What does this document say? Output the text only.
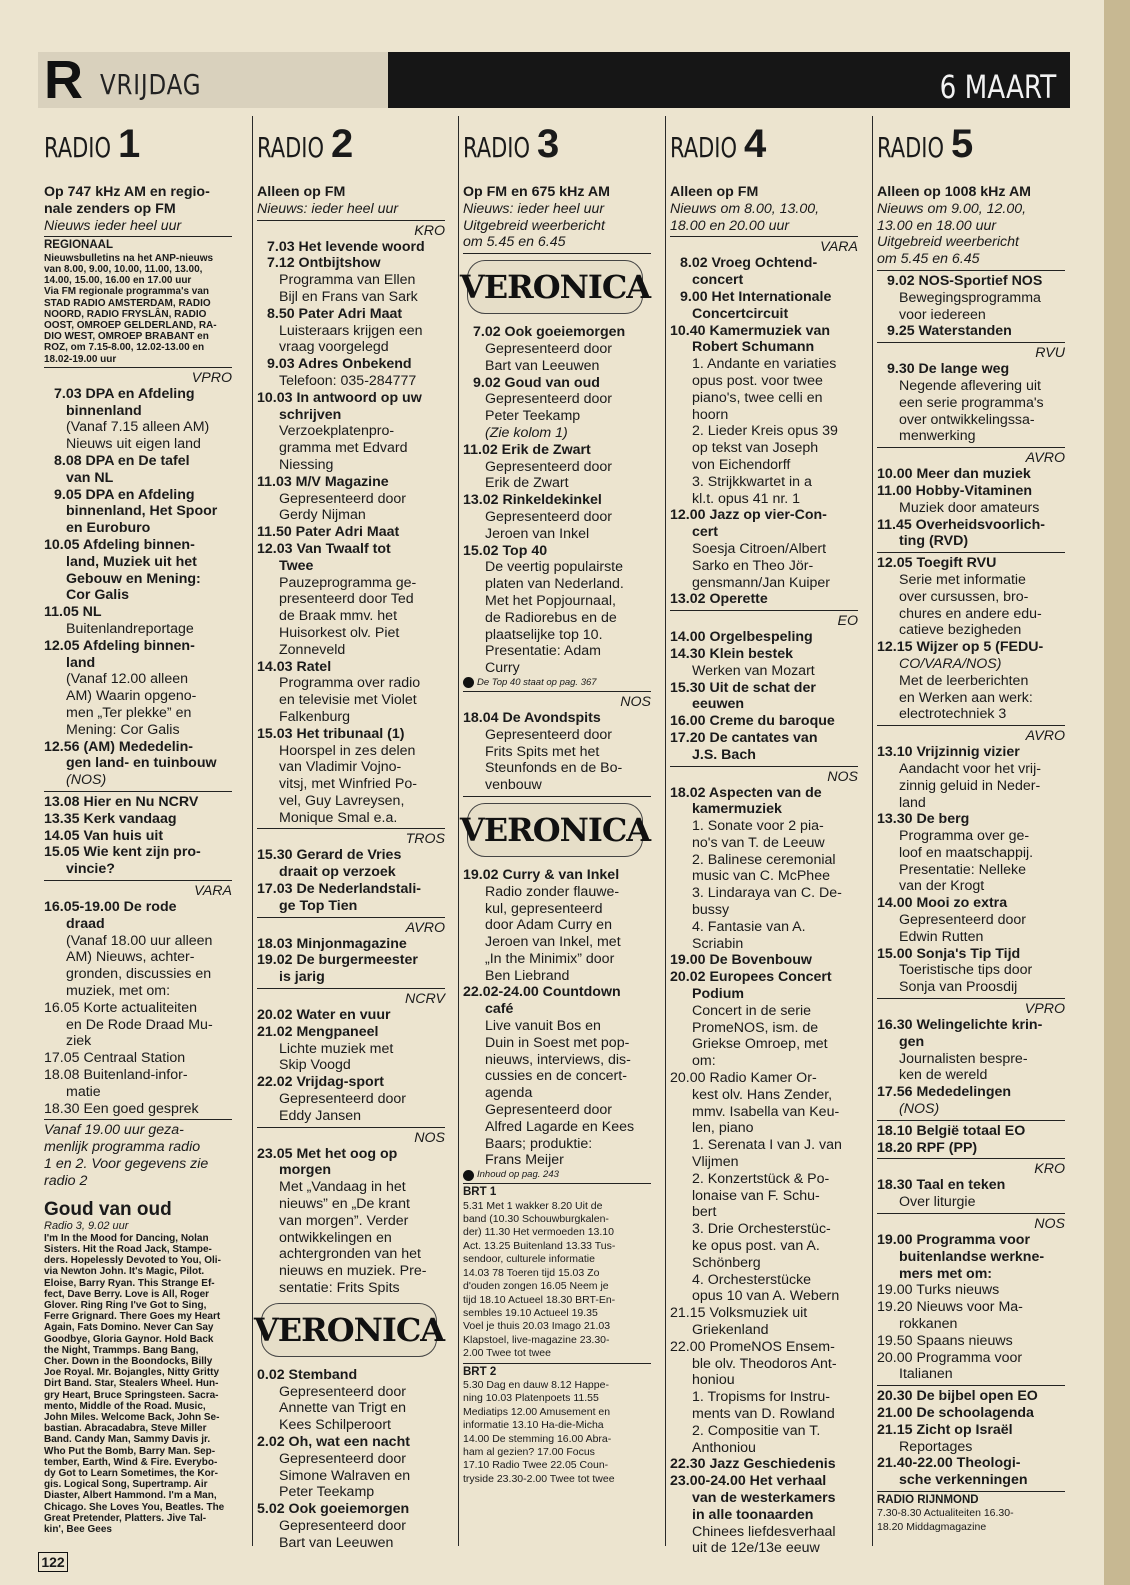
R VRIJDAG	6 MAART
RADIO 1
Op 747 kHz AM en regio-
nale zenders op FM
Nieuws ieder heel uur
REGIONAAL
Nieuwsbulletins na het ANP-nieuws
van 8.00, 9.00, 10.00, 11.00, 13.00,
14.00, 15.00, 16.00 en 17.00 uur
Via FM regionale programma's van
STAD RADIO AMSTERDAM, RADIO
NOORD, RADIO FRYSLÂN, RADIO
OOST, OMROEP GELDERLAND, RA-
DIO WEST, OMROEP BRABANT en
ROZ, om 7.15-8.00, 12.02-13.00 en
18.02-19.00 uur
VPRO
7.03 DPA en Afdeling
binnenland
(Vanaf 7.15 alleen AM)
Nieuws uit eigen land
8.08 DPA en De tafel
van NL
9.05 DPA en Afdeling
binnenland, Het Spoor
en Euroburo
10.05 Afdeling binnen-
land, Muziek uit het
Gebouw en Mening:
Cor Galis
11.05 NL
Buitenlandreportage
12.05 Afdeling binnen-
land
(Vanaf 12.00 alleen
AM) Waarin opgeno-
men „Ter plekke” en
Mening: Cor Galis
12.56 (AM) Mededelin-
gen land- en tuinbouw
(NOS)
13.08 Hier en Nu NCRV
13.35 Kerk vandaag
14.05 Van huis uit
15.05 Wie kent zijn pro-
vincie?
VARA
16.05-19.00 De rode
draad
(Vanaf 18.00 uur alleen
AM) Nieuws, achter-
gronden, discussies en
muziek, met om:
16.05 Korte actualiteiten
en De Rode Draad Mu-
ziek
17.05 Centraal Station
18.08 Buitenland-infor-
matie
18.30 Een goed gesprek
Vanaf 19.00 uur geza-
menlijk programma radio
1 en 2. Voor gegevens zie
radio 2
Goud van oud
Radio 3, 9.02 uur
I'm In the Mood for Dancing, Nolan
Sisters. Hit the Road Jack, Stampe-
ders. Hopelessly Devoted to You, Oli-
via Newton John. It's Magic, Pilot.
Eloise, Barry Ryan. This Strange Ef-
fect, Dave Berry. Love is All, Roger
Glover. Ring Ring I've Got to Sing,
Ferre Grignard. There Goes my Heart
Again, Fats Domino. Never Can Say
Goodbye, Gloria Gaynor. Hold Back
the Night, Trammps. Bang Bang,
Cher. Down in the Boondocks, Billy
Joe Royal. Mr. Bojangles, Nitty Gritty
Dirt Band. Star, Stealers Wheel. Hun-
gry Heart, Bruce Springsteen. Sacra-
mento, Middle of the Road. Music,
John Miles. Welcome Back, John Se-
bastian. Abracadabra, Steve Miller
Band. Candy Man, Sammy Davis jr.
Who Put the Bomb, Barry Man. Sep-
tember, Earth, Wind & Fire. Everybo-
dy Got to Learn Sometimes, the Kor-
gis. Logical Song, Supertramp. Air
Diaster, Albert Hammond. I'm a Man,
Chicago. She Loves You, Beatles. The
Great Pretender, Platters. Jive Tal-
kin', Bee Gees
RADIO 2
Alleen op FM
Nieuws: ieder heel uur
KRO
7.03 Het levende woord
7.12 Ontbijtshow
Programma van Ellen
Bijl en Frans van Sark
8.50 Pater Adri Maat
Luisteraars krijgen een
vraag voorgelegd
9.03 Adres Onbekend
Telefoon: 035-284777
10.03 In antwoord op uw
schrijven
Verzoekplatenpro-
gramma met Edvard
Niessing
11.03 M/V Magazine
Gepresenteerd door
Gerdy Nijman
11.50 Pater Adri Maat
12.03 Van Twaalf tot
Twee
Pauzeprogramma ge-
presenteerd door Ted
de Braak mmv. het
Huisorkest olv. Piet
Zonneveld
14.03 Ratel
Programma over radio
en televisie met Violet
Falkenburg
15.03 Het tribunaal (1)
Hoorspel in zes delen
van Vladimir Vojno-
vitsj, met Winfried Po-
vel, Guy Lavreysen,
Monique Smal e.a.
TROS
15.30 Gerard de Vries
draait op verzoek
17.03 De Nederlandstali-
ge Top Tien
AVRO
18.03 Minjonmagazine
19.02 De burgermeester
is jarig
NCRV
20.02 Water en vuur
21.02 Mengpaneel
Lichte muziek met
Skip Voogd
22.02 Vrijdag-sport
Gepresenteerd door
Eddy Jansen
NOS
23.05 Met het oog op
morgen
Met „Vandaag in het
nieuws” en „De krant
van morgen”. Verder
ontwikkelingen en
achtergronden van het
nieuws en muziek. Pre-
sentatie: Frits Spits
VERONICA
0.02 Stemband
Gepresenteerd door
Annette van Trigt en
Kees Schilperoort
2.02 Oh, wat een nacht
Gepresenteerd door
Simone Walraven en
Peter Teekamp
5.02 Ook goeiemorgen
Gepresenteerd door
Bart van Leeuwen
RADIO 3
Op FM en 675 kHz AM
Nieuws: ieder heel uur
Uitgebreid weerbericht
om 5.45 en 6.45
VERONICA
7.02 Ook goeiemorgen
Gepresenteerd door
Bart van Leeuwen
9.02 Goud van oud
Gepresenteerd door
Peter Teekamp
(Zie kolom 1)
11.02 Erik de Zwart
Gepresenteerd door
Erik de Zwart
13.02 Rinkeldekinkel
Gepresenteerd door
Jeroen van Inkel
15.02 Top 40
De veertig populairste
platen van Nederland.
Met het Popjournaal,
de Radiorebus en de
plaatselijke top 10.
Presentatie: Adam
Curry
De Top 40 staat op pag. 367
NOS
18.04 De Avondspits
Gepresenteerd door
Frits Spits met het
Steunfonds en de Bo-
venbouw
VERONICA
19.02 Curry & van Inkel
Radio zonder flauwe-
kul, gepresenteerd
door Adam Curry en
Jeroen van Inkel, met
„In the Minimix” door
Ben Liebrand
22.02-24.00 Countdown
café
Live vanuit Bos en
Duin in Soest met pop-
nieuws, interviews, dis-
cussies en de concert-
agenda
Gepresenteerd door
Alfred Lagarde en Kees
Baars; produktie:
Frans Meijer
Inhoud op pag. 243
BRT 1
5.31 Met 1 wakker 8.20 Uit de
band (10.30 Schouwburgkalen-
der) 11.30 Het vermoeden 13.10
Act. 13.25 Buitenland 13.33 Tus-
sendoor, culturele informatie
14.03 78 Toeren tijd 15.03 Zo
d'ouden zongen 16.05 Neem je
tijd 18.10 Actueel 18.30 BRT-En-
sembles 19.10 Actueel 19.35
Voel je thuis 20.03 Imago 21.03
Klapstoel, live-magazine 23.30-
2.00 Twee tot twee
BRT 2
5.30 Dag en dauw 8.12 Happe-
ning 10.03 Platenpoets 11.55
Mediatips 12.00 Amusement en
informatie 13.10 Ha-die-Micha
14.00 De stemming 16.00 Abra-
ham al gezien? 17.00 Focus
17.10 Radio Twee 22.05 Coun-
tryside 23.30-2.00 Twee tot twee
RADIO 4
Alleen op FM
Nieuws om 8.00, 13.00,
18.00 en 20.00 uur
VARA
8.02 Vroeg Ochtend-
concert
9.00 Het Internationale
Concertcircuit
10.40 Kamermuziek van
Robert Schumann
1. Andante en variaties
opus post. voor twee
piano's, twee celli en
hoorn
2. Lieder Kreis opus 39
op tekst van Joseph
von Eichendorff
3. Strijkkwartet in a
kl.t. opus 41 nr. 1
12.00 Jazz op vier-Con-
cert
Soesja Citroen/Albert
Sarko en Theo Jör-
gensmann/Jan Kuiper
13.02 Operette
EO
14.00 Orgelbespeling
14.30 Klein bestek
Werken van Mozart
15.30 Uit de schat der
eeuwen
16.00 Creme du baroque
17.20 De cantates van
J.S. Bach
NOS
18.02 Aspecten van de
kamermuziek
1. Sonate voor 2 pia-
no's van T. de Leeuw
2. Balinese ceremonial
music van C. McPhee
3. Lindaraya van C. De-
bussy
4. Fantasie van A.
Scriabin
19.00 De Bovenbouw
20.02 Europees Concert
Podium
Concert in de serie
PromeNOS, ism. de
Griekse Omroep, met
om:
20.00 Radio Kamer Or-
kest olv. Hans Zender,
mmv. Isabella van Keu-
len, piano
1. Serenata I van J. van
Vlijmen
2. Konzertstück & Po-
lonaise van F. Schu-
bert
3. Drie Orchesterstüc-
ke opus post. van A.
Schönberg
4. Orchesterstücke
opus 10 van A. Webern
21.15 Volksmuziek uit
Griekenland
22.00 PromeNOS Ensem-
ble olv. Theodoros Ant-
honiou
1. Tropisms for Instru-
ments van D. Rowland
2. Compositie van T.
Anthoniou
22.30 Jazz Geschiedenis
23.00-24.00 Het verhaal
van de westerkamers
in alle toonaarden
Chinees liefdesverhaal
uit de 12e/13e eeuw
RADIO 5
Alleen op 1008 kHz AM
Nieuws om 9.00, 12.00,
13.00 en 18.00 uur
Uitgebreid weerbericht
om 5.45 en 6.45
9.02 NOS-Sportief NOS
Bewegingsprogramma
voor iedereen
9.25 Waterstanden
RVU
9.30 De lange weg
Negende aflevering uit
een serie programma's
over ontwikkelingssa-
menwerking
AVRO
10.00 Meer dan muziek
11.00 Hobby-Vitaminen
Muziek door amateurs
11.45 Overheidsvoorlich-
ting (RVD)
12.05 Toegift RVU
Serie met informatie
over cursussen, bro-
chures en andere edu-
catieve bezigheden
12.15 Wijzer op 5 (FEDU-
CO/VARA/NOS)
Met de leerberichten
en Werken aan werk:
electrotechniek 3
AVRO
13.10 Vrijzinnig vizier
Aandacht voor het vrij-
zinnig geluid in Neder-
land
13.30 De berg
Programma over ge-
loof en maatschappij.
Presentatie: Nelleke
van der Krogt
14.00 Mooi zo extra
Gepresenteerd door
Edwin Rutten
15.00 Sonja's Tip Tijd
Toeristische tips door
Sonja van Proosdij
VPRO
16.30 Welingelichte krin-
gen
Journalisten bespre-
ken de wereld
17.56 Mededelingen
(NOS)
18.10 België totaal EO
18.20 RPF (PP)
KRO
18.30 Taal en teken
Over liturgie
NOS
19.00 Programma voor
buitenlandse werkne-
mers met om:
19.00 Turks nieuws
19.20 Nieuws voor Ma-
rokkanen
19.50 Spaans nieuws
20.00 Programma voor
Italianen
20.30 De bijbel open EO
21.00 De schoolagenda
21.15 Zicht op Israël
Reportages
21.40-22.00 Theologi-
sche verkenningen
RADIO RIJNMOND
7.30-8.30 Actualiteiten 16.30-
18.20 Middagmagazine
122
